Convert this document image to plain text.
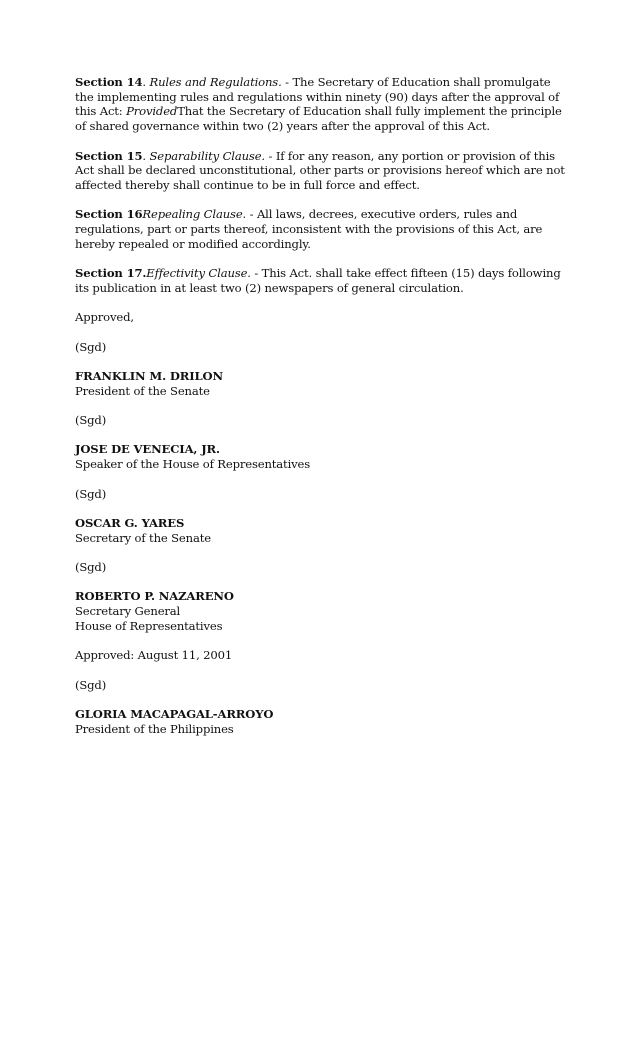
Section 14. Rules and Regulations. - The Secretary of Education shall promulgate the implementing rules and regulations within ninety (90) days after the approval of this Act: ProvidedThat the Secretary of Education shall fully implement the principle of shared governance within two (2) years after the approval of this Act.

Section 15. Separability Clause. - If for any reason, any portion or provision of this Act shall be declared unconstitutional, other parts or provisions hereof which are not affected thereby shall continue to be in full force and effect.

Section 16Repealing Clause. - All laws, decrees, executive orders, rules and regulations, part or parts thereof, inconsistent with the provisions of this Act, are hereby repealed or modified accordingly.

Section 17.Effectivity Clause. - This Act. shall take effect fifteen (15) days following its publication in at least two (2) newspapers of general circulation.

Approved,

(Sgd)

FRANKLIN M. DRILON
President of the Senate

(Sgd)

JOSE DE VENECIA, JR.
Speaker of the House of Representatives

(Sgd)

OSCAR G. YARES
Secretary of the Senate

(Sgd)

ROBERTO P. NAZARENO
Secretary General
House of Representatives

Approved: August 11, 2001

(Sgd)

GLORIA MACAPAGAL-ARROYO
President of the Philippines
